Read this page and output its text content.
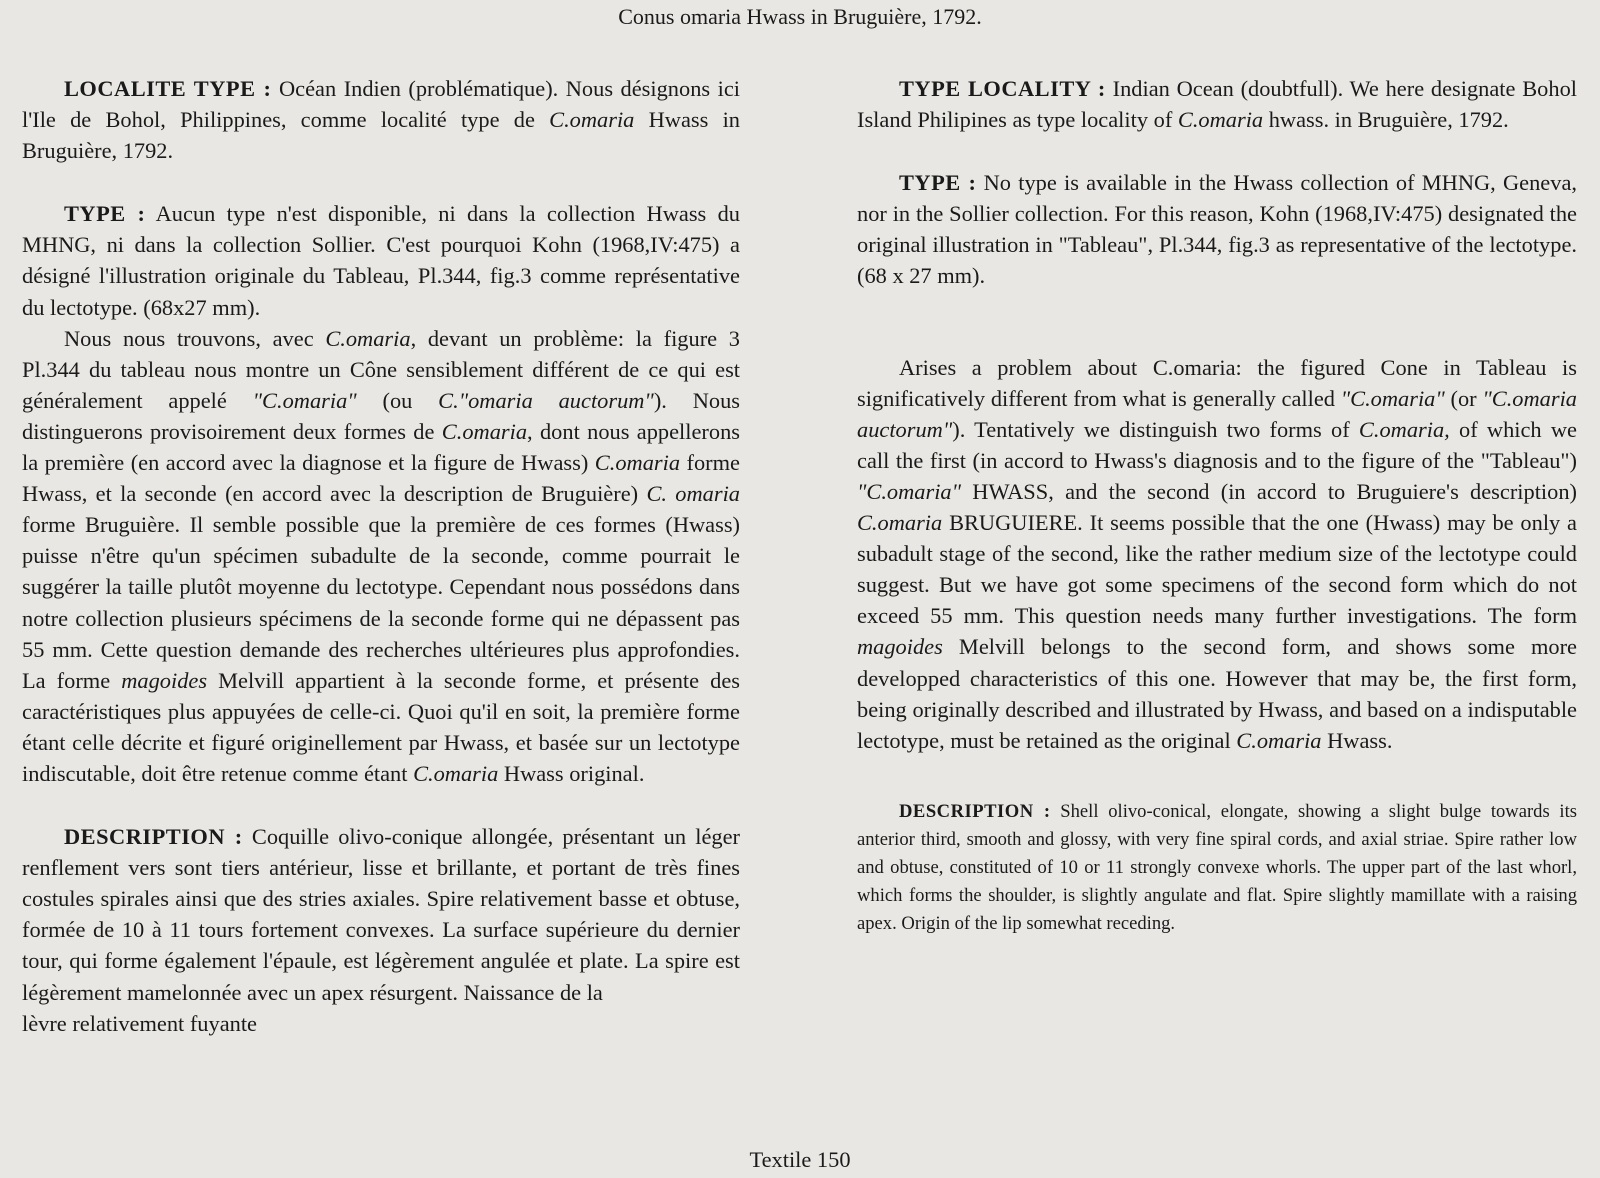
Conus omaria Hwass in Bruguière, 1792.

LOCALITE TYPE : Océan Indien (problématique). Nous désignons ici l'Ile de Bohol, Philippines, comme localité type de C.omaria Hwass in Bruguière, 1792.

TYPE : Aucun type n'est disponible, ni dans la collection Hwass du MHNG, ni dans la collection Sollier. C'est pourquoi Kohn (1968,IV:475) a désigné l'illustration originale du Tableau, Pl.344, fig.3 comme représentative du lectotype. (68x27 mm).

Nous nous trouvons, avec C.omaria, devant un problème: la figure 3 Pl.344 du tableau nous montre un Cône sensiblement différent de ce qui est généralement appelé "C.omaria" (ou C."omaria auctorum"). Nous distinguerons provisoirement deux formes de C.omaria, dont nous appellerons la première (en accord avec la diagnose et la figure de Hwass) C.omaria forme Hwass, et la seconde (en accord avec la description de Bruguière) C. omaria forme Bruguière. Il semble possible que la première de ces formes (Hwass) puisse n'être qu'un spécimen subadulte de la seconde, comme pourrait le suggérer la taille plutôt moyenne du lectotype. Cependant nous possédons dans notre collection plusieurs spécimens de la seconde forme qui ne dépassent pas 55 mm. Cette question demande des recherches ultérieures plus approfondies. La forme magoides Melvill appartient à la seconde forme, et présente des caractéristiques plus appuyées de celle-ci. Quoi qu'il en soit, la première forme étant celle décrite et figuré originellement par Hwass, et basée sur un lectotype indiscutable, doit être retenue comme étant C.omaria Hwass original.

DESCRIPTION : Coquille olivo-conique allongée, présentant un léger renflement vers sont tiers antérieur, lisse et brillante, et portant de très fines costules spirales ainsi que des stries axiales. Spire relativement basse et obtuse, formée de 10 à 11 tours fortement convexes. La surface supérieure du dernier tour, qui forme également l'épaule, est légèrement angulée et plate. La spire est légèrement mamelonnée avec un apex résurgent. Naissance de la

lèvre relativement fuyante

TYPE LOCALITY : Indian Ocean (doubtfull). We here designate Bohol Island Philipines as type locality of C.omaria hwass. in Bruguière, 1792.

TYPE : No type is available in the Hwass collection of MHNG, Geneva, nor in the Sollier collection. For this reason, Kohn (1968,IV:475) designated the original illustration in "Tableau", Pl.344, fig.3 as representative of the lectotype.(68 x 27 mm).

Arises a problem about C.omaria: the figured Cone in Tableau is significatively different from what is generally called "C.omaria" (or "C.omaria auctorum"). Tentatively we distinguish two forms of C.omaria, of which we call the first (in accord to Hwass's diagnosis and to the figure of the "Tableau") "C.omaria" HWASS, and the second (in accord to Bruguiere's description) C.omaria BRUGUIERE. It seems possible that the one (Hwass) may be only a subadult stage of the second, like the rather medium size of the lectotype could suggest. But we have got some specimens of the second form which do not exceed 55 mm. This question needs many further investigations. The form magoides Melvill belongs to the second form, and shows some more developped characteristics of this one. However that may be, the first form, being originally described and illustrated by Hwass, and based on a indisputable lectotype, must be retained as the original C.omaria Hwass.

DESCRIPTION : Shell olivo-conical, elongate, showing a slight bulge towards its anterior third, smooth and glossy, with very fine spiral cords, and axial striae. Spire rather low and obtuse, constituted of 10 or 11 strongly convexe whorls. The upper part of the last whorl, which forms the shoulder, is slightly angulate and flat. Spire slightly mamillate with a raising apex. Origin of the lip somewhat receding.

Textile 150
